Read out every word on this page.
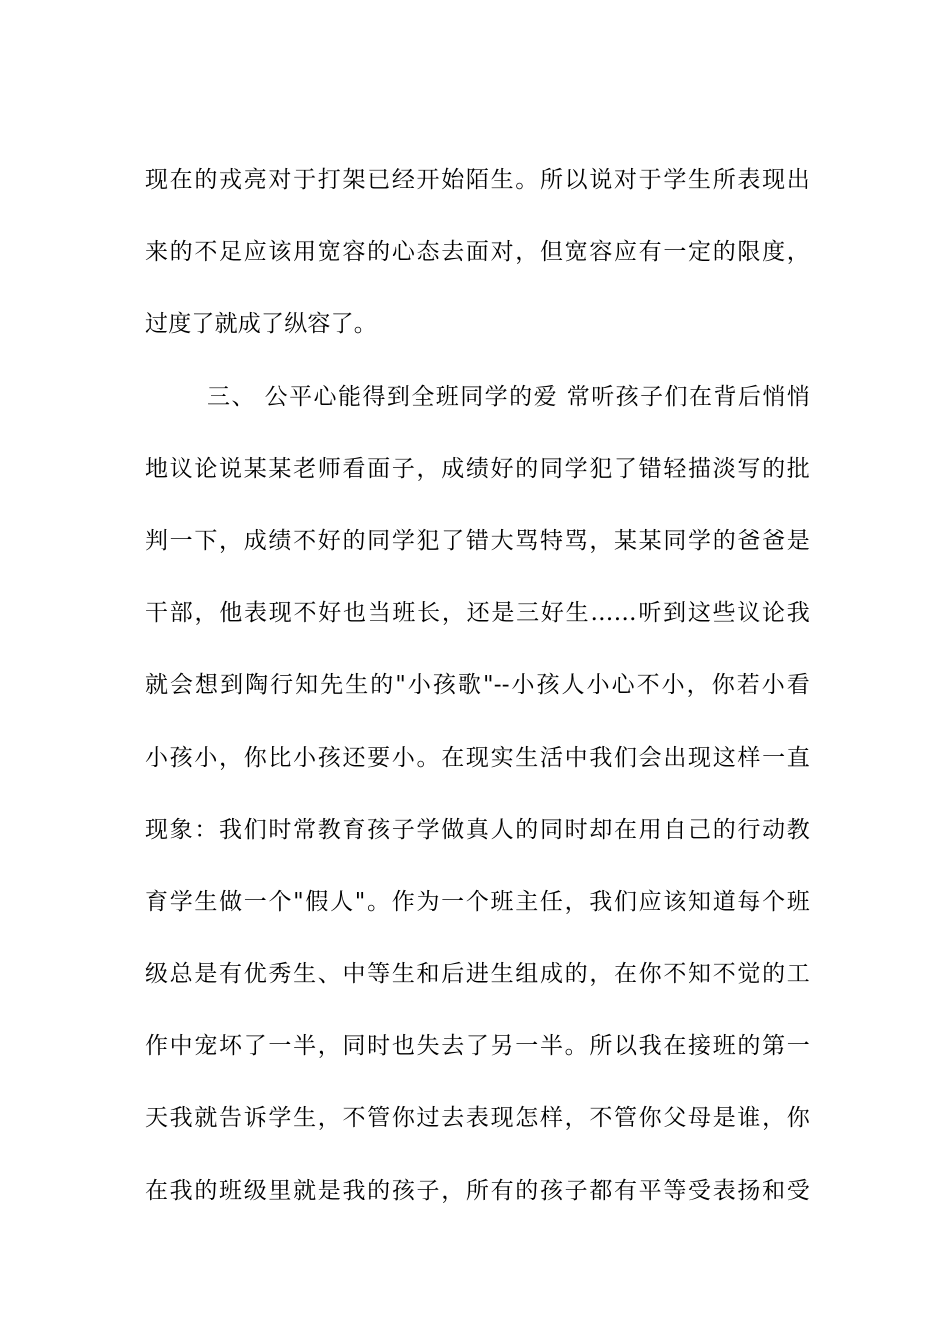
现在的戎亮对于打架已经开始陌生。所以说对于学生所表现出
来的不足应该用宽容的心态去面对，但宽容应有一定的限度，
过度了就成了纵容了。
三、 公平心能得到全班同学的爱 常听孩子们在背后悄悄
地议论说某某老师看面子，成绩好的同学犯了错轻描淡写的批
判一下，成绩不好的同学犯了错大骂特骂，某某同学的爸爸是
干部，他表现不好也当班长，还是三好生……听到这些议论我
就会想到陶行知先生的"小孩歌"--小孩人小心不小，你若小看
小孩小，你比小孩还要小。在现实生活中我们会出现这样一直
现象：我们时常教育孩子学做真人的同时却在用自己的行动教
育学生做一个"假人"。作为一个班主任，我们应该知道每个班
级总是有优秀生、中等生和后进生组成的，在你不知不觉的工
作中宠坏了一半，同时也失去了另一半。所以我在接班的第一
天我就告诉学生，不管你过去表现怎样，不管你父母是谁，你
在我的班级里就是我的孩子，所有的孩子都有平等受表扬和受
